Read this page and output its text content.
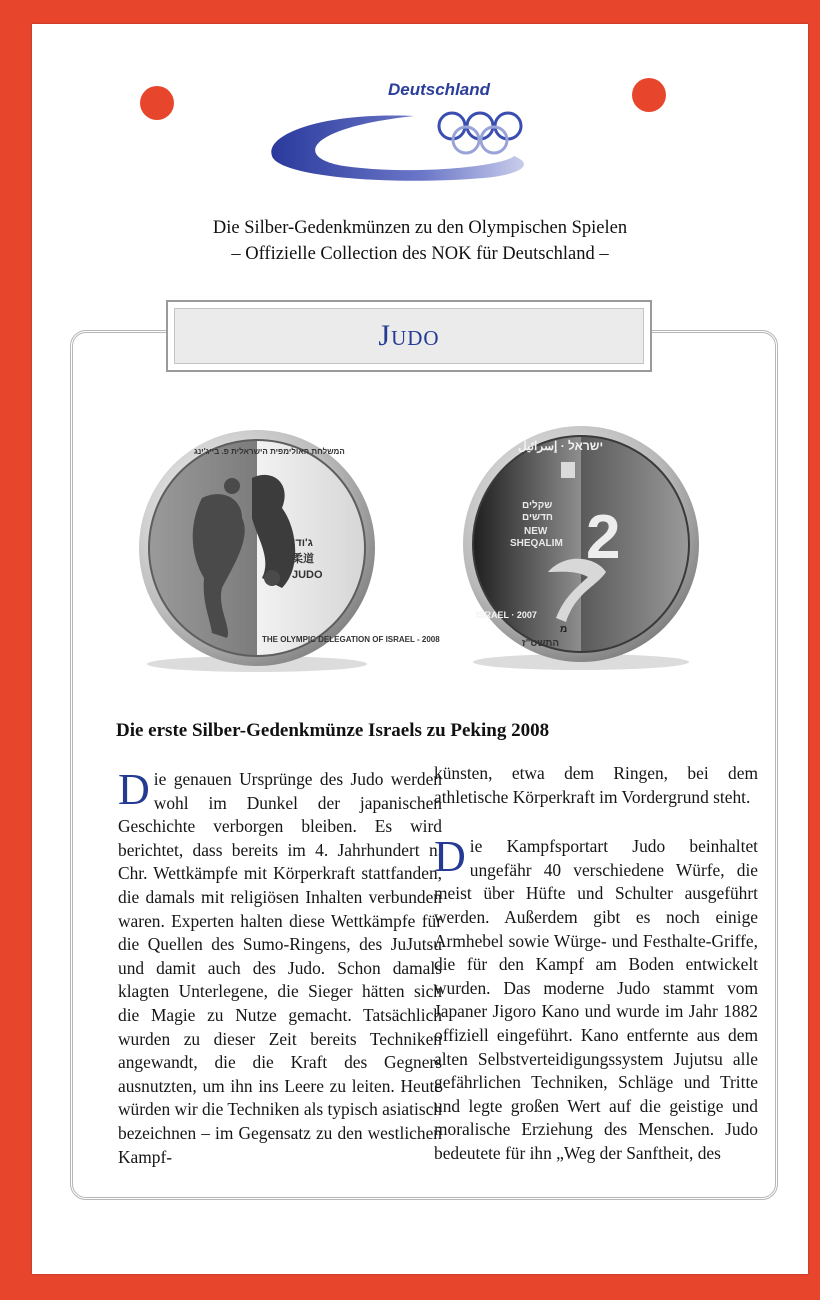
Deutschland
Die Silber-Gedenkmünzen zu den Olympischen Spielen
– Offizielle Collection des NOK für Deutschland –
Judo
ג'ודו
柔道
JUDO
THE OLYMPIC DELEGATION OF ISRAEL - 2008
המשלחת האולימפית הישראלית פ. בייג'ינג
2
שקלים
חדשים
NEW
SHEQALIM
ישראל · إسرائيل
ISRAEL · 2007
התשס"ז
מ
Die erste Silber-Gedenkmünze Israels zu Peking 2008
Die genauen Ursprünge des Judo werden wohl im Dunkel der japanischen Geschichte verborgen bleiben. Es wird berichtet, dass bereits im 4. Jahrhundert n. Chr. Wettkämpfe mit Körperkraft stattfanden, die damals mit religiösen Inhalten verbunden waren. Experten halten diese Wettkämpfe für die Quellen des Sumo-Ringens, des JuJutsu und damit auch des Judo. Schon damals klagten Unterlegene, die Sieger hätten sich die Magie zu Nutze gemacht. Tatsächlich wurden zu dieser Zeit bereits Techniken angewandt, die die Kraft des Gegners ausnutzten, um ihn ins Leere zu leiten. Heute würden wir die Techniken als typisch asiatisch bezeichnen – im Gegensatz zu den westlichen Kampf-
künsten, etwa dem Ringen, bei dem athletische Körperkraft im Vordergrund steht.
Die Kampfsportart Judo beinhaltet ungefähr 40 verschiedene Würfe, die meist über Hüfte und Schulter ausgeführt werden. Außerdem gibt es noch einige Armhebel sowie Würge- und Festhalte-Griffe, die für den Kampf am Boden entwickelt wurden. Das moderne Judo stammt vom Japaner Jigoro Kano und wurde im Jahr 1882 offiziell eingeführt. Kano entfernte aus dem alten Selbstverteidigungssystem Jujutsu alle gefährlichen Techniken, Schläge und Tritte und legte großen Wert auf die geistige und moralische Erziehung des Menschen. Judo bedeutete für ihn „Weg der Sanftheit, des
